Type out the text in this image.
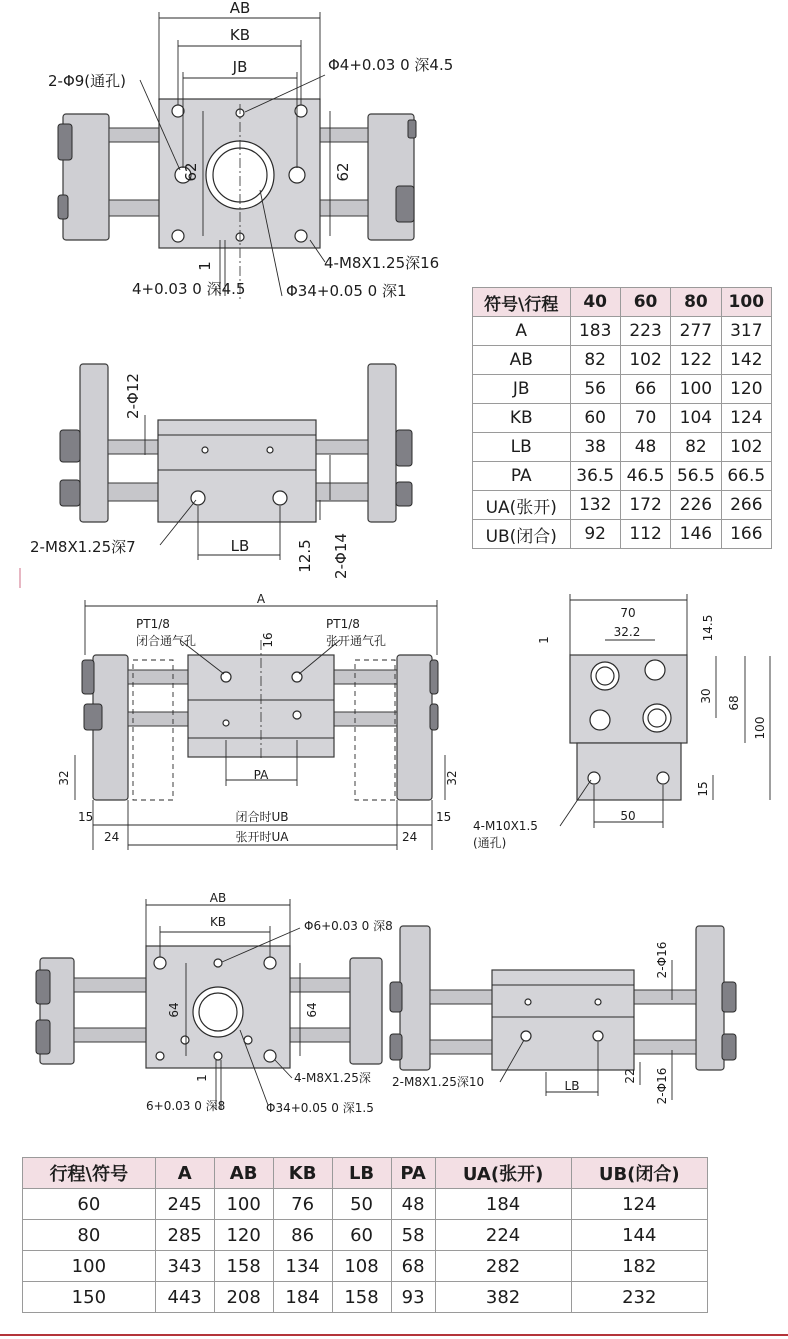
AB
KB
JB
2-Φ9(通孔)
Φ4+0.03 0 深4.5
62	62
1	4-M8X1.25深16
4+0.03 0 深4.5	Φ34+0.05 0 深1
2-Φ12
2-Φ14
2-M8X1.25深7	LB	12.5
A
PT1/8
闭合通气孔
PT1/8
张开通气孔
16
PA
32	32
15	15
24	24
闭合时UB
张开时UA
70
32.2	14.5
1
30 68
100
15
50
4-M10X1.5
(通孔)
AB
KB	Φ6+0.03 0 深8
64	64
1	4-M8X1.25深
6+0.03 0 深8	Φ34+0.05 0 深1.5
2-Φ16
2-Φ16
2-M8X1.25深10	LB
22
符号\行程	40	60	80	100
A	183	223	277	317
AB	82	102	122	142
JB	56	66	100	120
KB	60	70	104	124
LB	38	48	82	102
PA	36.5	46.5	56.5	66.5
UA(张开)	132	172	226	266
UB(闭合)	92	112	146	166
行程\符号	A	AB	KB	LB	PA	UA(张开)	UB(闭合)
60	245	100	76	50	48	184	124
80	285	120	86	60	58	224	144
100	343	158	134	108	68	282	182
150	443	208	184	158	93	382	232
